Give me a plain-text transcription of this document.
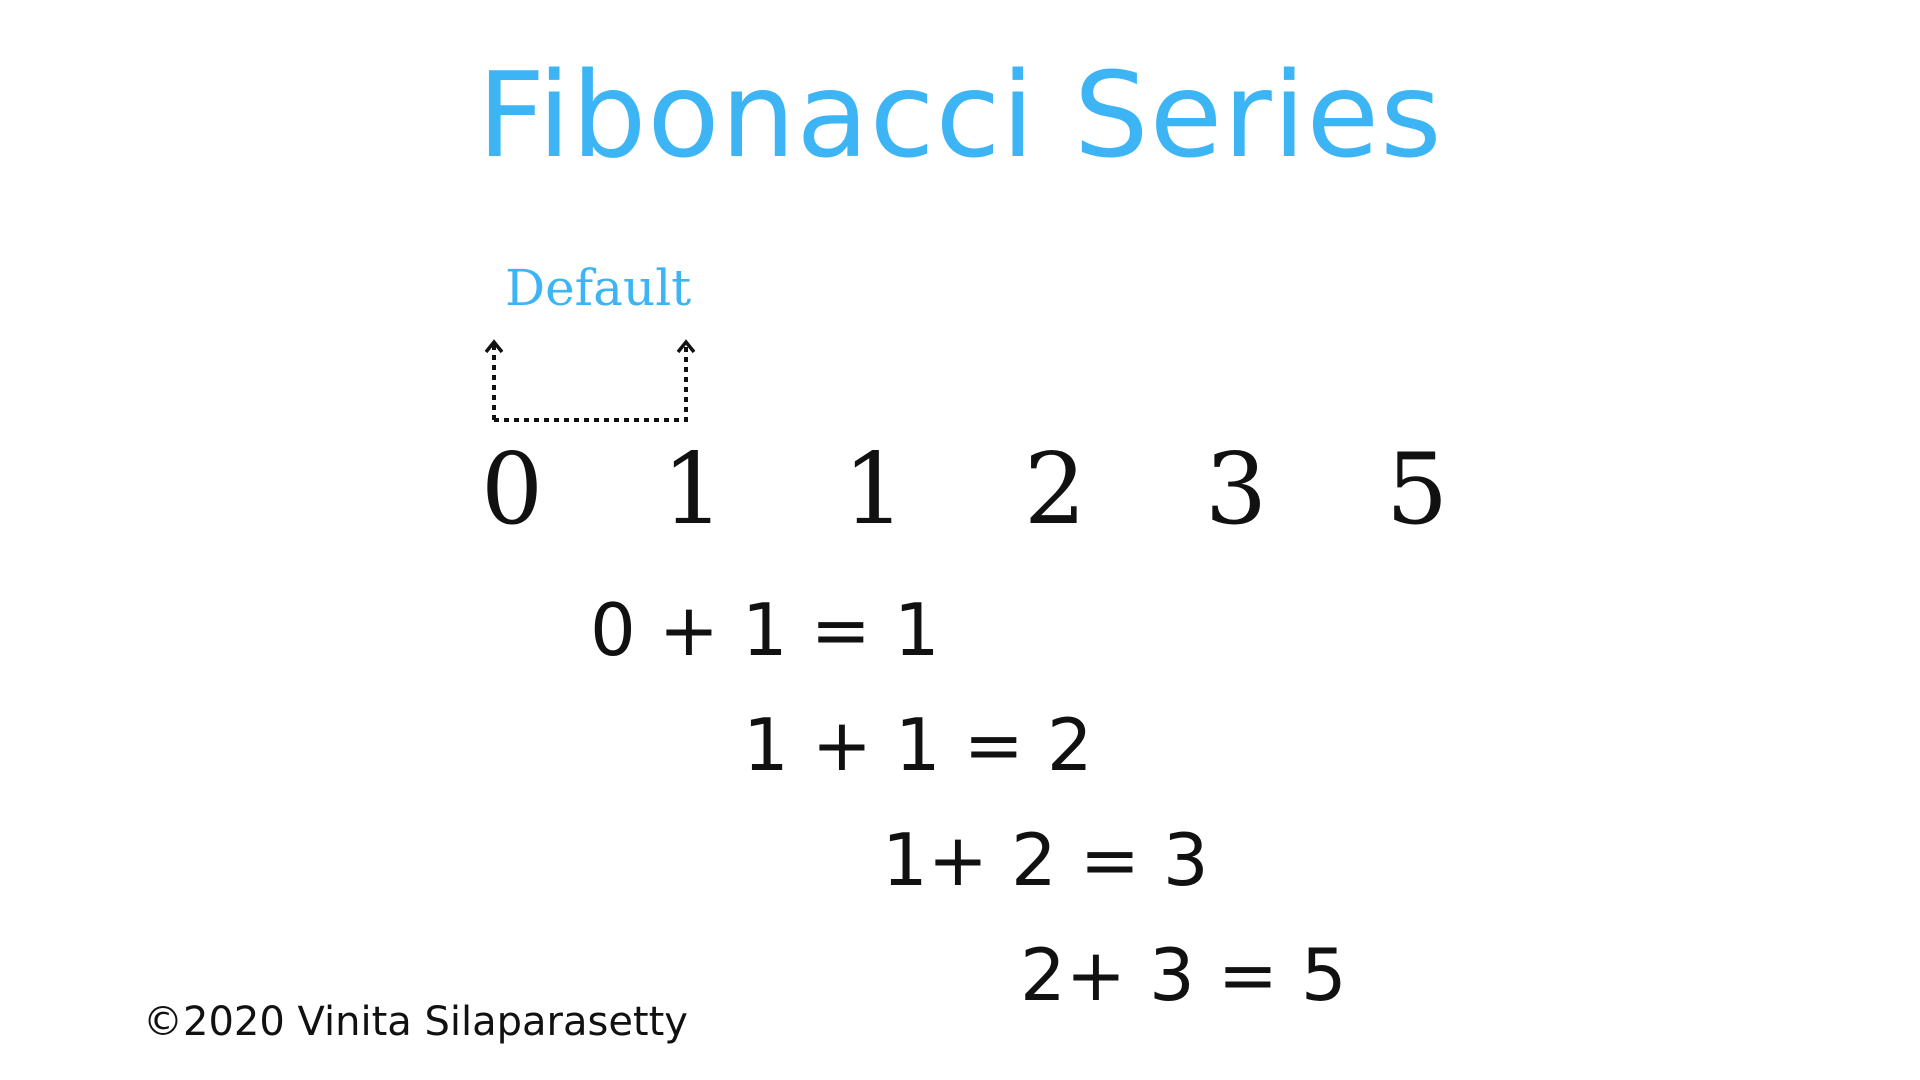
Fibonacci Series
Default
0 1 1 2 3 5
0 + 1 = 1
1 + 1 = 2
1+ 2 = 3
2+ 3 = 5
©2020 Vinita Silaparasetty
